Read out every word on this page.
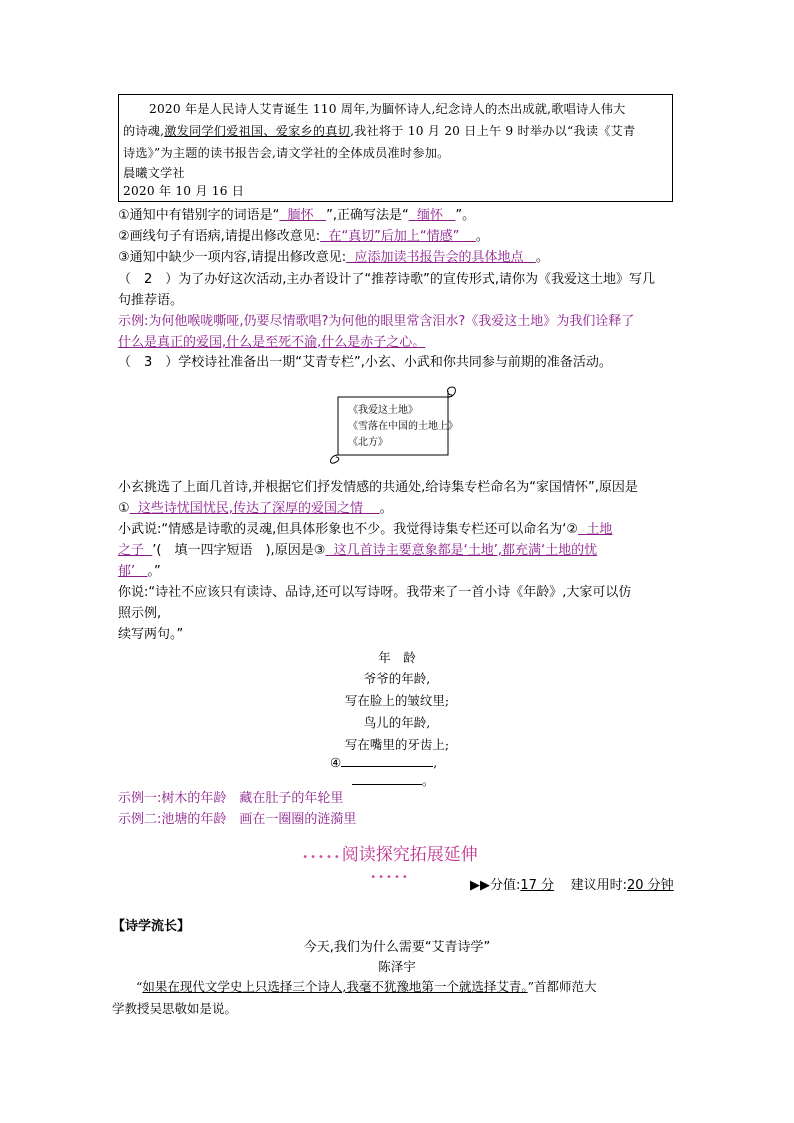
2020 年是人民诗人艾青诞生 110 周年,为腼怀诗人,纪念诗人的杰出成就,歌唱诗人伟大
的诗魂,激发同学们爱祖国、爱家乡的真切,我社将于 10 月 20 日上午 9 时举办以“我读《艾青
诗选》”为主题的读书报告会,请文学社的全体成员准时参加。
晨曦文学社
2020 年 10 月 16 日
①通知中有错别字的词语是“ 腼怀 ”,正确写法是“ 缅怀 ”。
②画线句子有语病,请提出修改意见: 在“真切”后加上“情感” 。
③通知中缺少一项内容,请提出修改意见: 应添加读书报告会的具体地点 。
（　2　）为了办好这次活动,主办者设计了“推荐诗歌”的宣传形式,请你为《我爱这土地》写几
句推荐语。
示例:为何他喉咙嘶哑,仍要尽情歌唱?为何他的眼里常含泪水?《我爱这土地》为我们诠释了
什么是真正的爱国,什么是至死不渝,什么是赤子之心。
（　3　）学校诗社准备出一期“艾青专栏”,小玄、小武和你共同参与前期的准备活动。
《我爱这土地》
《雪落在中国的土地上》
《北方》
小玄挑选了上面几首诗,并根据它们抒发情感的共通处,给诗集专栏命名为“家国情怀”,原因是
① 这些诗忧国忧民,传达了深厚的爱国之情 。
小武说:“情感是诗歌的灵魂,但具体形象也不少。我觉得诗集专栏还可以命名为‘② 土地
之子 ’(　填一四字短语　),原因是③ 这几首诗主要意象都是‘土地’,都充满‘土地的忧
郁’ 。”
你说:“诗社不应该只有读诗、品诗,还可以写诗呀。我带来了一首小诗《年龄》,大家可以仿
照示例,
续写两句。”
年　龄
爷爷的年龄,
写在脸上的皱纹里;
鸟儿的年龄,
写在嘴里的牙齿上;
④	,
。
示例一:树木的年龄　藏在肚子的年轮里
示例二:池塘的年龄　画在一圈圈的涟漪里
•••••阅读探究拓展延伸•••••
▶▶分值:17 分 建议用时:20 分钟
【诗学流长】
今天,我们为什么需要“艾青诗学”
陈泽宇
“如果在现代文学史上只选择三个诗人,我毫不犹豫地第一个就选择艾青。”首都师范大
学教授吴思敬如是说。
